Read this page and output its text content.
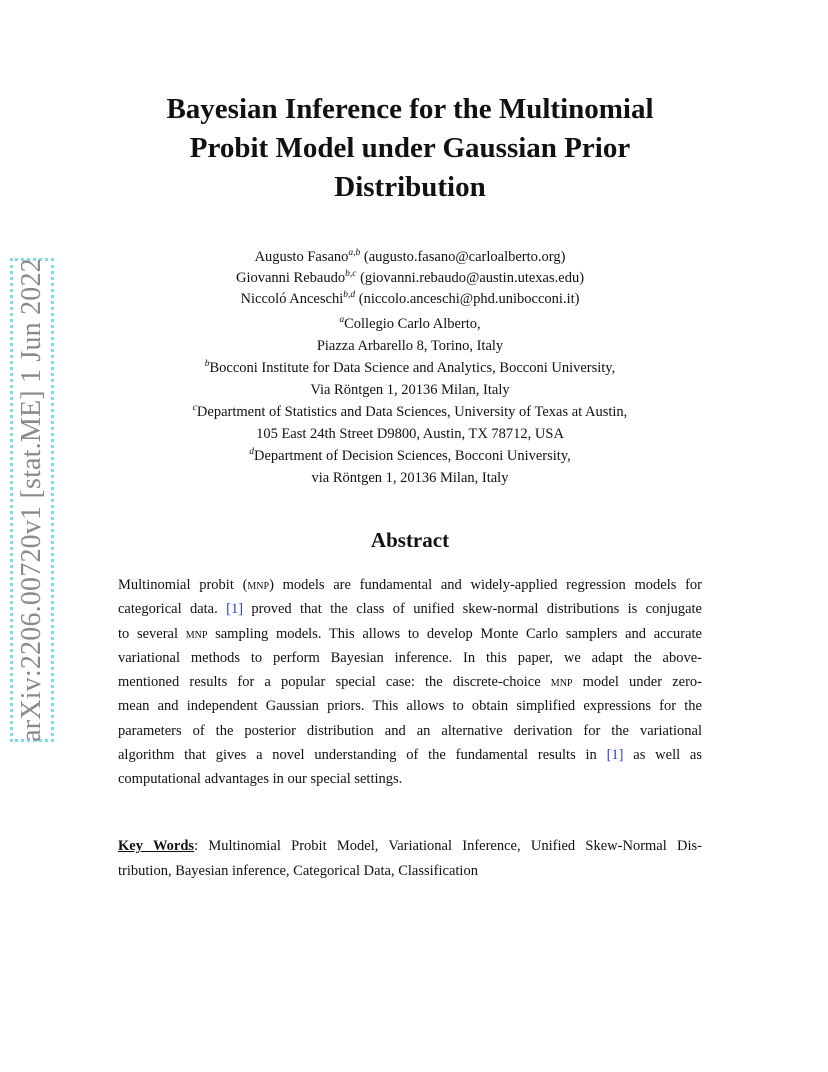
arXiv:2206.00720v1 [stat.ME] 1 Jun 2022
Bayesian Inference for the Multinomial
Probit Model under Gaussian Prior
Distribution
Augusto Fasano$^{a,b}$ (augusto.fasano@carloalberto.org)
Giovanni Rebaudo$^{b,c}$ (giovanni.rebaudo@austin.utexas.edu)
Niccoló Anceschi$^{b,d}$ (niccolo.anceschi@phd.unibocconi.it)
$^a$Collegio Carlo Alberto,
Piazza Arbarello 8, Torino, Italy
$^b$Bocconi Institute for Data Science and Analytics, Bocconi University,
Via Röntgen 1, 20136 Milan, Italy
$^c$Department of Statistics and Data Sciences, University of Texas at Austin,
105 East 24th Street D9800, Austin, TX 78712, USA
$^d$Department of Decision Sciences, Bocconi University,
via Röntgen 1, 20136 Milan, Italy
Abstract
Multinomial probit (mnp) models are fundamental and widely-applied regression models for
categorical data. [1] proved that the class of unified skew-normal distributions is conjugate
to several mnp sampling models. This allows to develop Monte Carlo samplers and accurate
variational methods to perform Bayesian inference. In this paper, we adapt the above-
mentioned results for a popular special case: the discrete-choice mnp model under zero-
mean and independent Gaussian priors. This allows to obtain simplified expressions for the
parameters of the posterior distribution and an alternative derivation for the variational
algorithm that gives a novel understanding of the fundamental results in [1] as well as
computational advantages in our special settings.
Key Words: Multinomial Probit Model, Variational Inference, Unified Skew-Normal Dis-
tribution, Bayesian inference, Categorical Data, Classification
